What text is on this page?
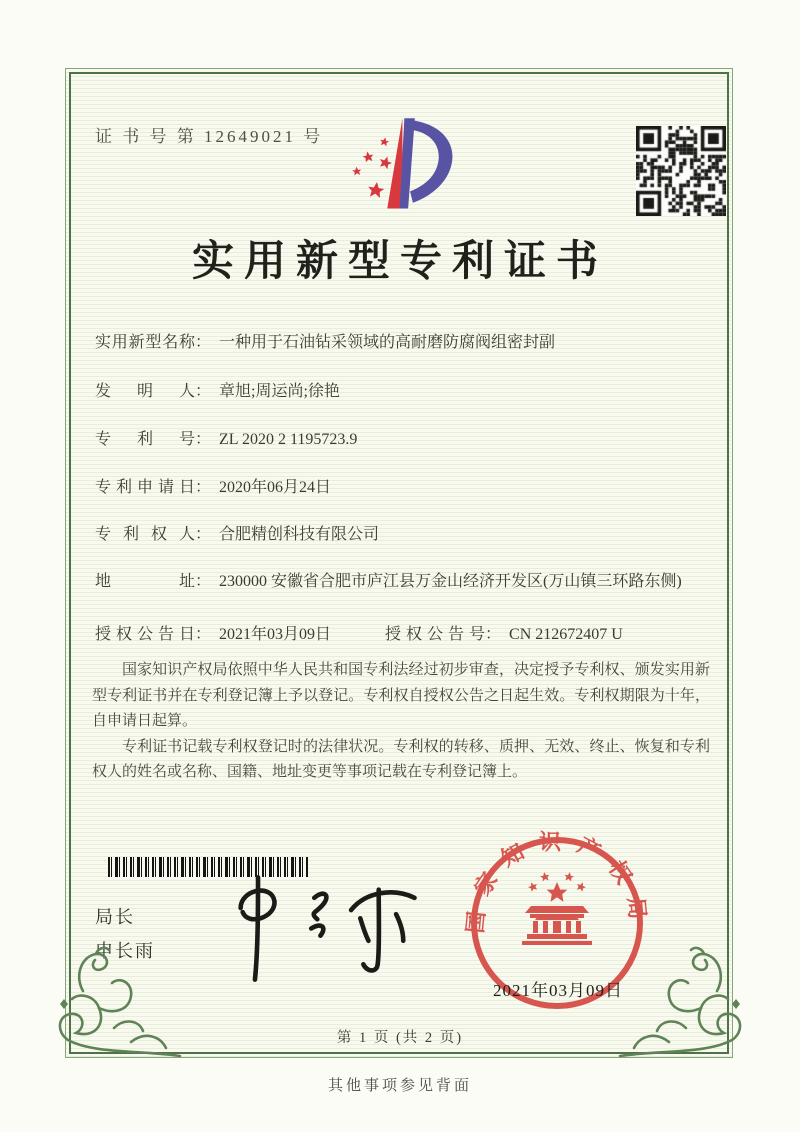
证 书 号 第 12649021 号
实用新型专利证书
实用新型名称： 一种用于石油钻采领域的高耐磨防腐阀组密封副
发明人： 章旭;周运尚;徐艳
专利号： ZL 2020 2 1195723.9
专利申请日： 2020年06月24日
专利权人： 合肥精创科技有限公司
地址： 230000 安徽省合肥市庐江县万金山经济开发区(万山镇三环路东侧)
授权公告日： 2021年03月09日	授权公告号： CN 212672407 U

国家知识产权局依照中华人民共和国专利法经过初步审查，决定授予专利权、颁发实用新型专利证书并在专利登记簿上予以登记。专利权自授权公告之日起生效。专利权期限为十年，自申请日起算。

专利证书记载专利权登记时的法律状况。专利权的转移、质押、无效、终止、恢复和专利权人的姓名或名称、国籍、地址变更等事项记载在专利登记簿上。

局长
申长雨
国家知识产权局
2021年03月09日
第 1 页 (共 2 页)
其他事项参见背面
